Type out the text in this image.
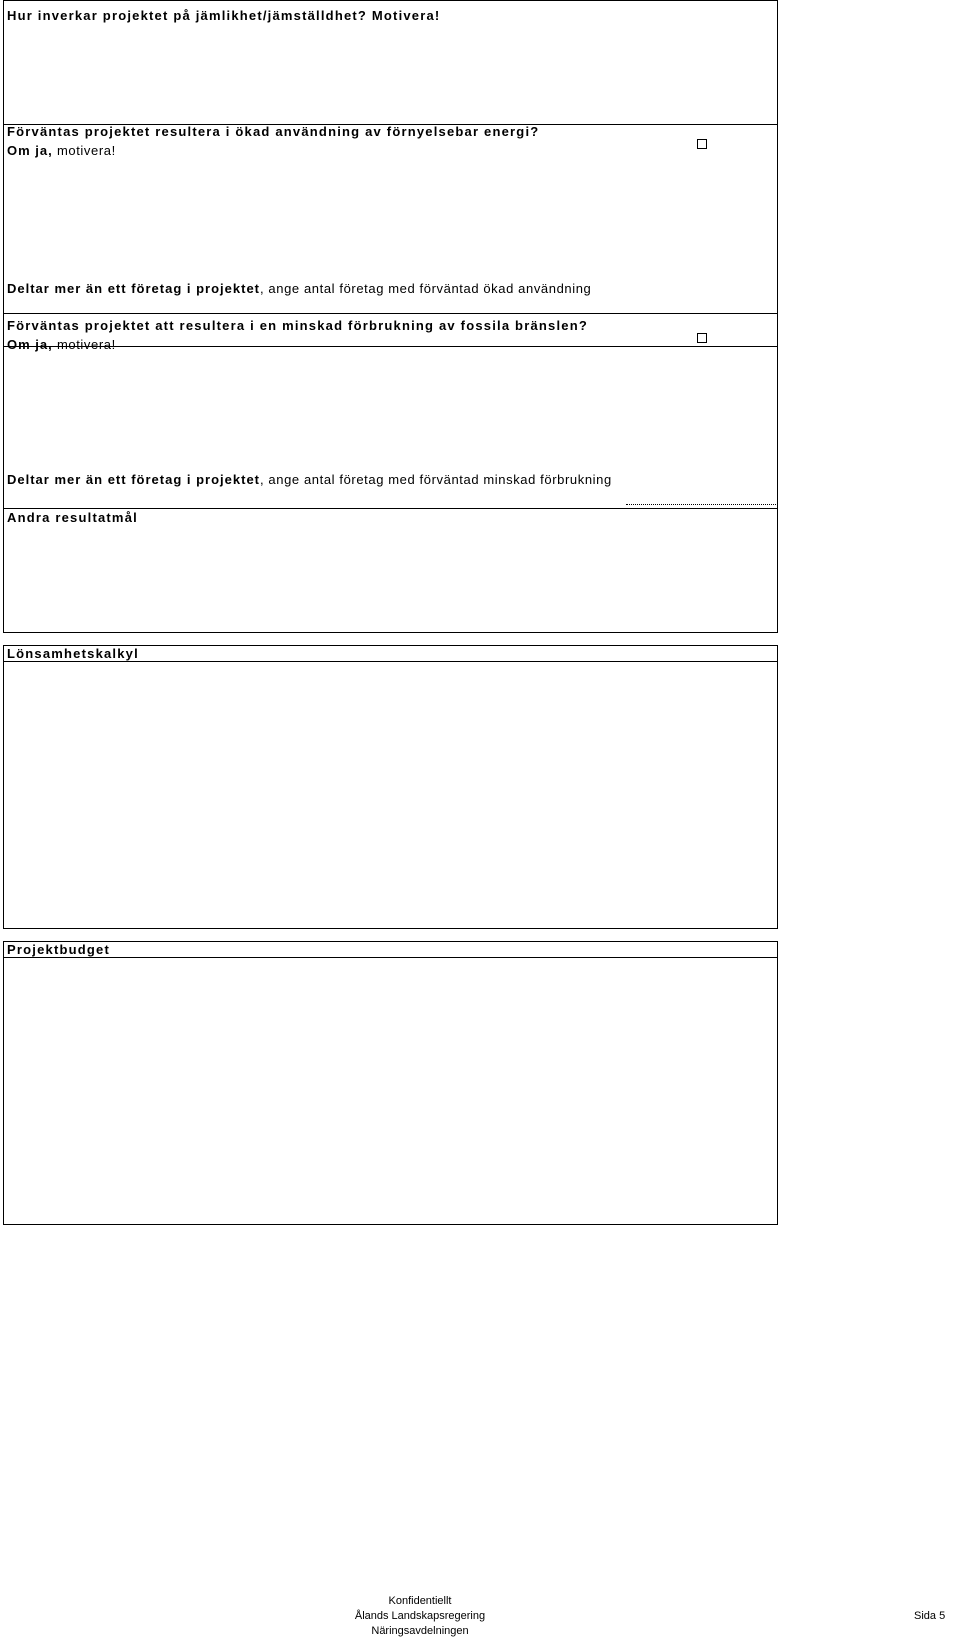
Hur inverkar projektet på jämlikhet/jämställdhet? Motivera!
Förväntas projektet resultera i ökad användning av förnyelsebar energi?
Om ja, motivera!
Deltar mer än ett företag i projektet, ange antal företag med förväntad ökad användning
Förväntas projektet att resultera i en minskad förbrukning av fossila bränslen?
Om ja, motivera!
Deltar mer än ett företag i projektet, ange antal företag med förväntad minskad förbrukning
Andra resultatmål
Lönsamhetskalkyl
Projektbudget
Konfidentiellt
Ålands Landskapsregering
Näringsavdelningen
Sida 5
